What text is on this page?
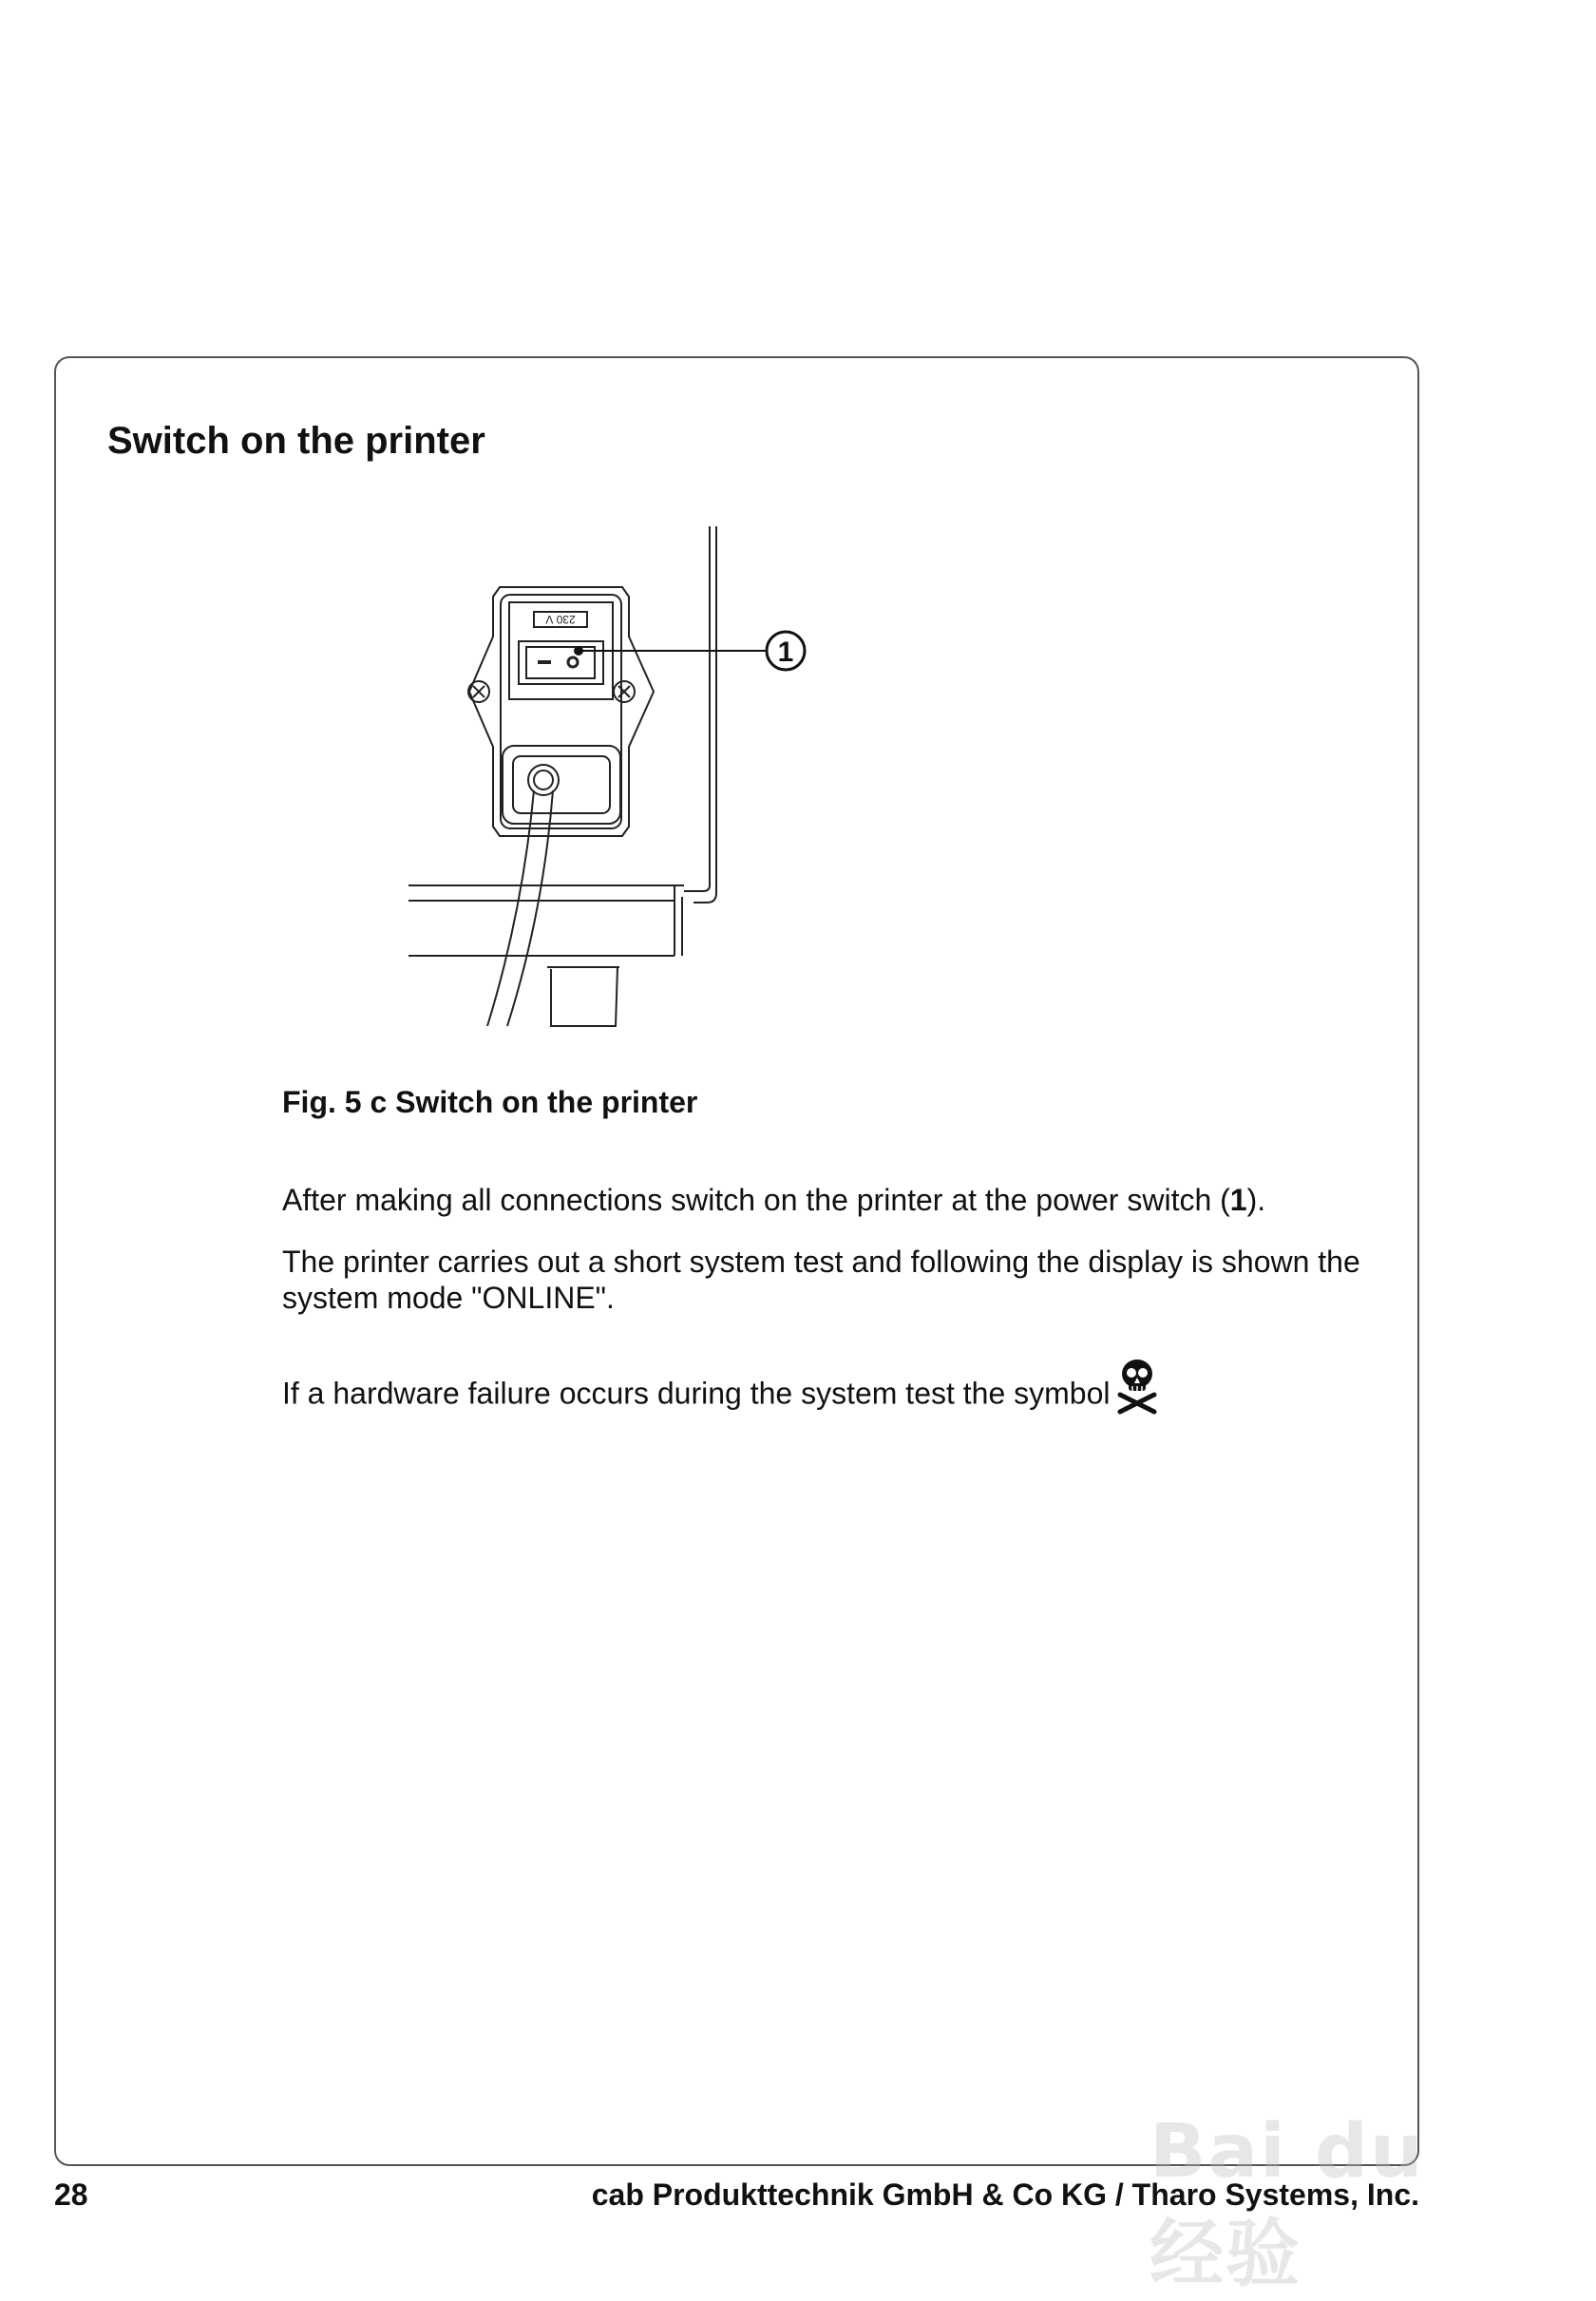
Switch on the printer
230 V
1

Fig. 5 c Switch on the printer

After making all connections switch on the printer at the power switch (1).

The printer carries out a short system test and following the display is shown the system mode "ONLINE".

If a hardware failure occurs during the system test the symbol

28	cab Produkttechnik GmbH & Co KG / Tharo Systems, Inc.

Bai du 经验
